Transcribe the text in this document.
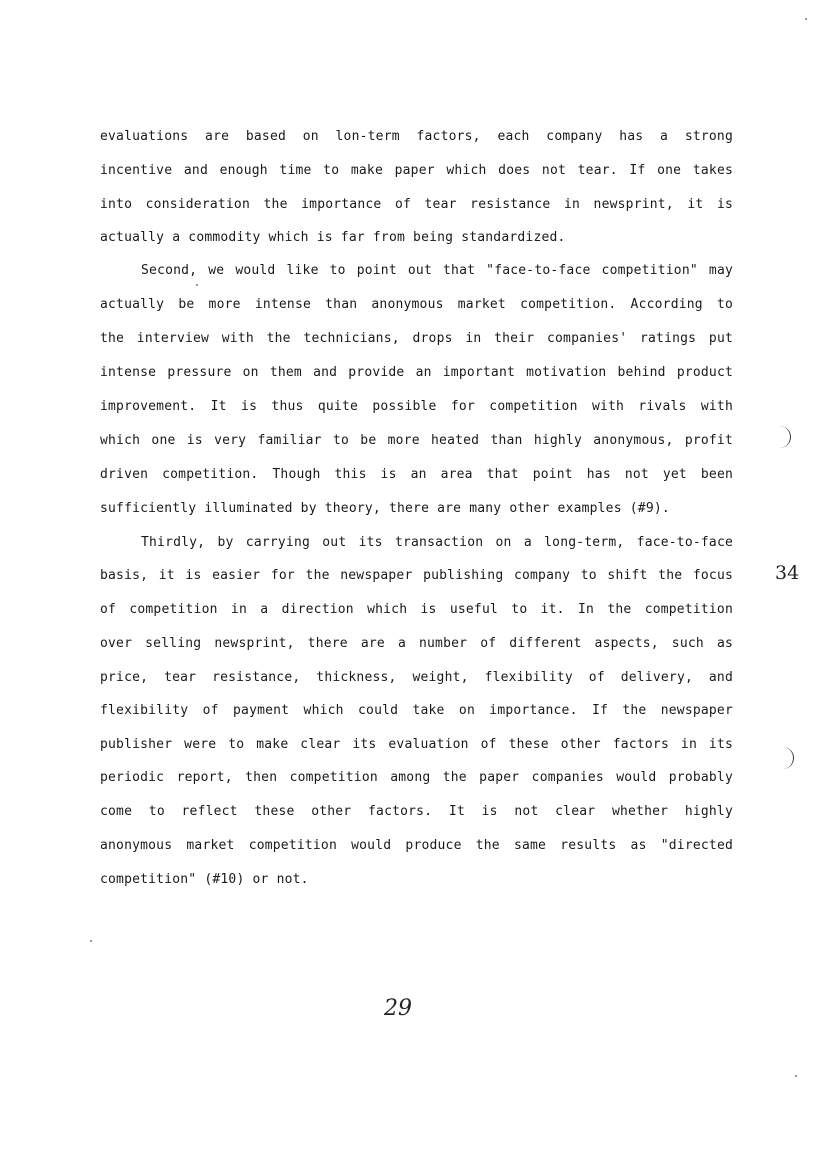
evaluations are based on lon-term factors, each company has a strong
incentive and enough time to make paper which does not tear. If one takes
into consideration the importance of tear resistance in newsprint, it is
actually a commodity which is far from being standardized.
Second, we would like to point out that "face-to-face competition" may
actually be more intense than anonymous market competition. According to
the interview with the technicians, drops in their companies' ratings put
intense pressure on them and provide an important motivation behind product
improvement. It is thus quite possible for competition with rivals with
which one is very familiar to be more heated than highly anonymous, profit
driven competition. Though this is an area that point has not yet been
sufficiently illuminated by theory, there are many other examples (#9).
Thirdly, by carrying out its transaction on a long-term, face-to-face
basis, it is easier for the newspaper publishing company to shift the focus
of competition in a direction which is useful to it. In the competition
over selling newsprint, there are a number of different aspects, such as
price, tear resistance, thickness, weight, flexibility of delivery, and
flexibility of payment which could take on importance. If the newspaper
publisher were to make clear its evaluation of these other factors in its
periodic report, then competition among the paper companies would probably
come to reflect these other factors. It is not clear whether highly
anonymous market competition would produce the same results as "directed
competition" (#10) or not.
34
29
